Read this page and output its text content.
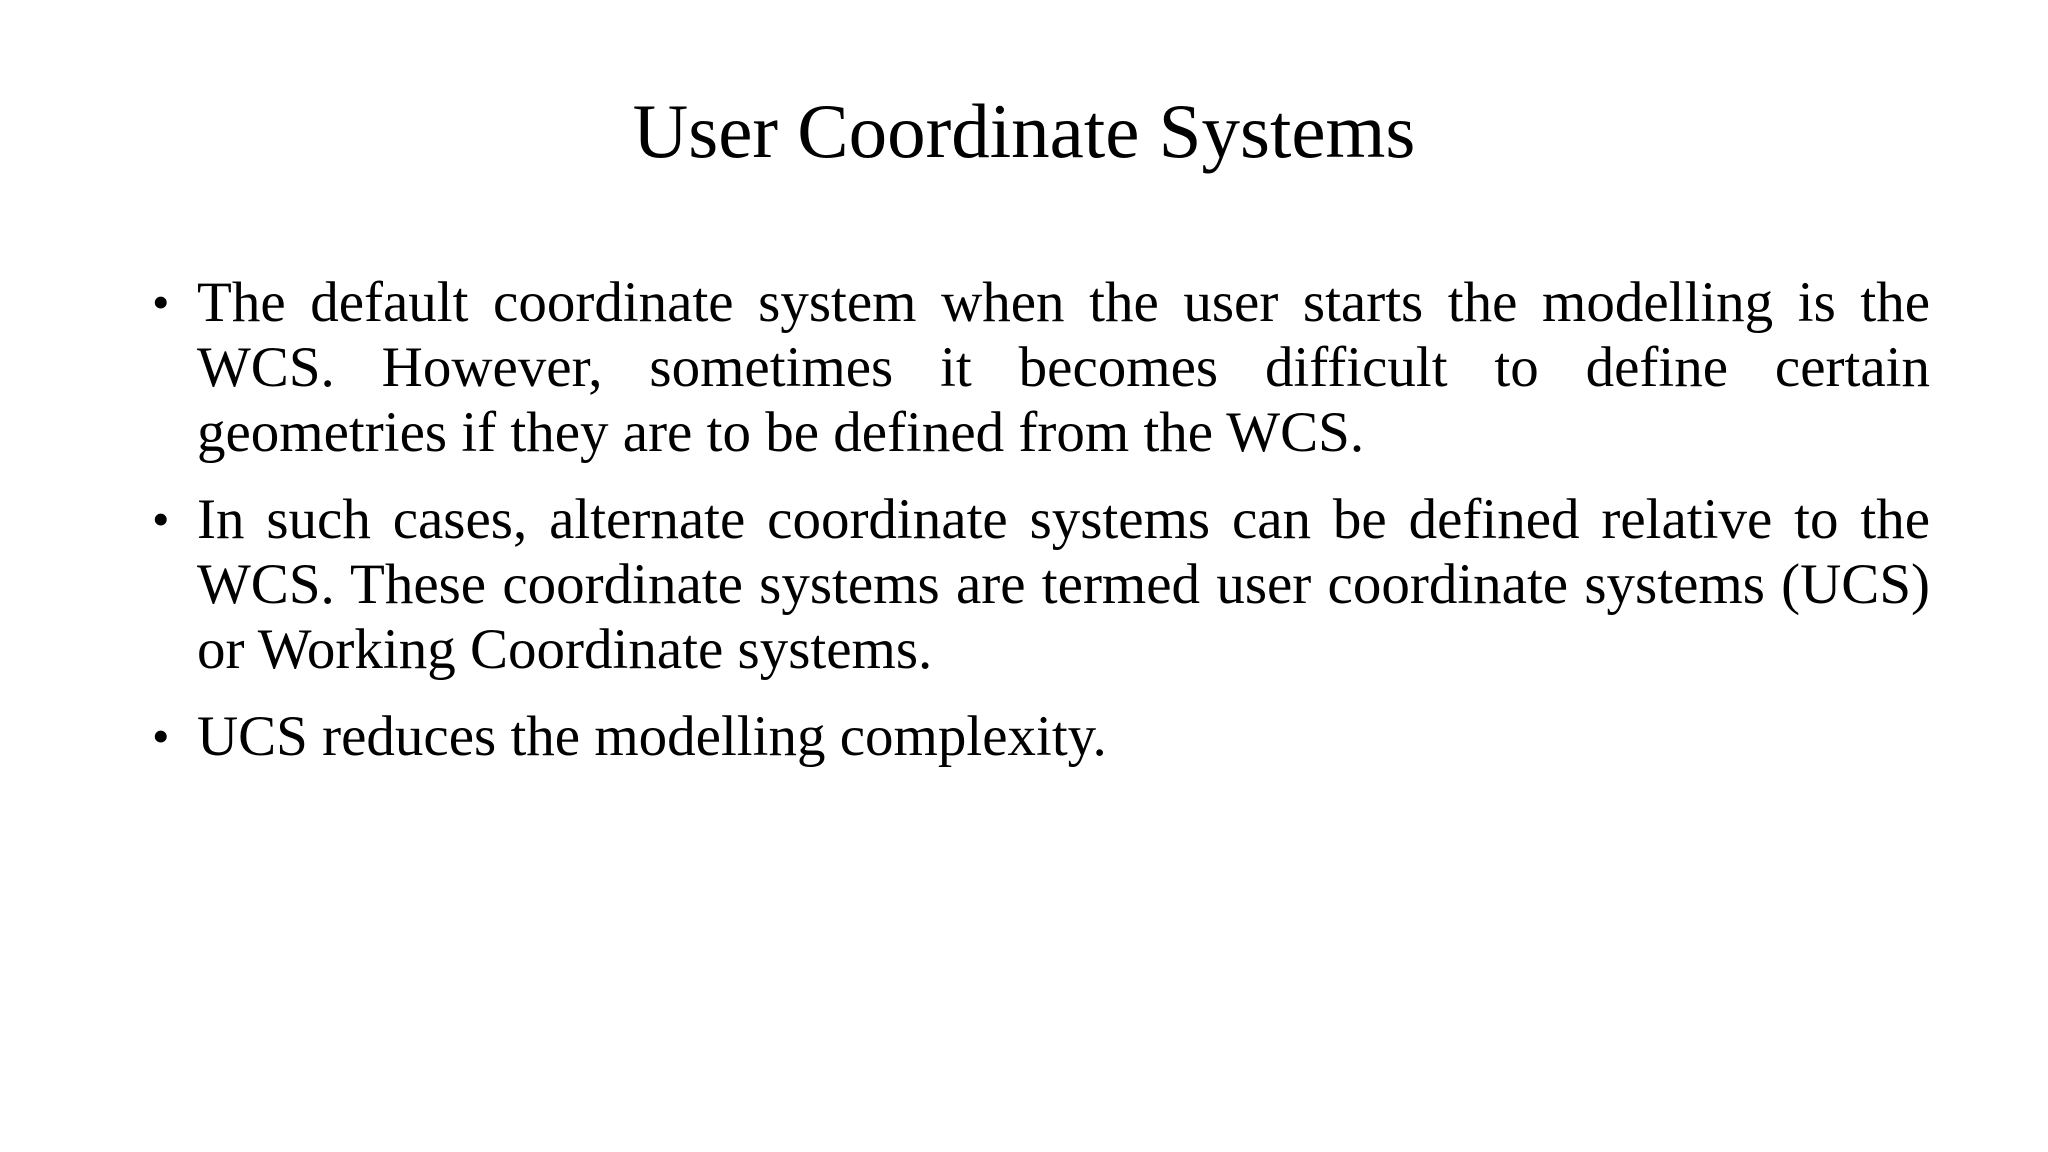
User Coordinate Systems
• The default coordinate system when the user starts the modelling is the WCS. However, sometimes it becomes difficult to define certain geometries if they are to be defined from the WCS.
• In such cases, alternate coordinate systems can be defined relative to the WCS. These coordinate systems are termed user coordinate systems (UCS) or Working Coordinate systems.
• UCS reduces the modelling complexity.
